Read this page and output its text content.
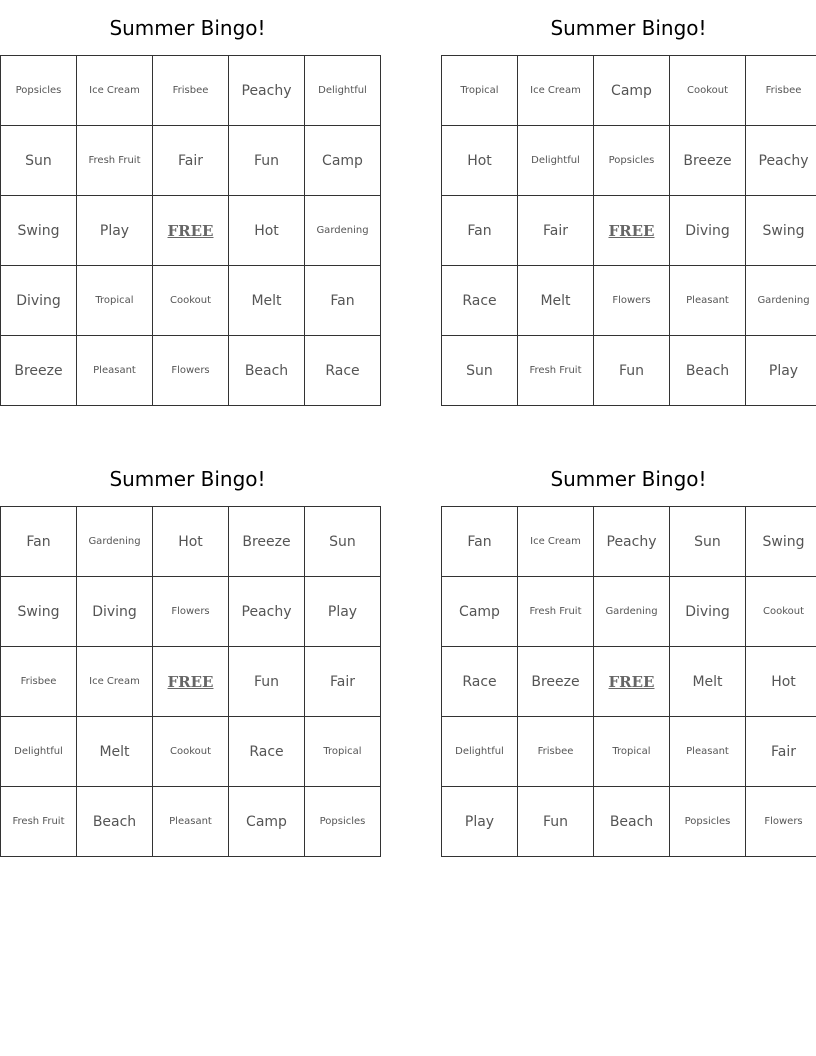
Summer Bingo!
Popsicles	Ice Cream	Frisbee	Peachy	Delightful
Sun	Fresh Fruit	Fair	Fun	Camp
Swing	Play	FREE	Hot	Gardening
Diving	Tropical	Cookout	Melt	Fan
Breeze	Pleasant	Flowers	Beach	Race
Summer Bingo!
Tropical	Ice Cream	Camp	Cookout	Frisbee
Hot	Delightful	Popsicles	Breeze	Peachy
Fan	Fair	FREE	Diving	Swing
Race	Melt	Flowers	Pleasant	Gardening
Sun	Fresh Fruit	Fun	Beach	Play
Summer Bingo!
Fan	Gardening	Hot	Breeze	Sun
Swing	Diving	Flowers	Peachy	Play
Frisbee	Ice Cream	FREE	Fun	Fair
Delightful	Melt	Cookout	Race	Tropical
Fresh Fruit	Beach	Pleasant	Camp	Popsicles
Summer Bingo!
Fan	Ice Cream	Peachy	Sun	Swing
Camp	Fresh Fruit	Gardening	Diving	Cookout
Race	Breeze	FREE	Melt	Hot
Delightful	Frisbee	Tropical	Pleasant	Fair
Play	Fun	Beach	Popsicles	Flowers
